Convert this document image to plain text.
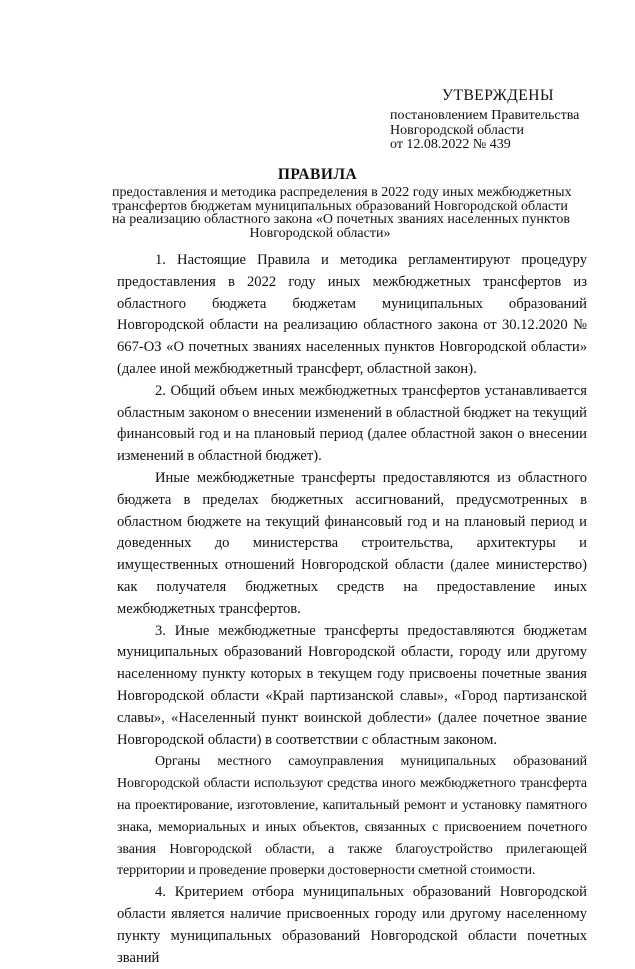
УТВЕРЖДЕНЫ
постановлением Правительства
Новгородской области
от 12.08.2022 № 439
ПРАВИЛА
предоставления и методика распределения в 2022 году иных межбюджетных
трансфертов бюджетам муниципальных образований Новгородской области
на реализацию областного закона «О почетных званиях населенных пунктов
Новгородской области»

1. Настоящие Правила и методика регламентируют процедуру предоставления в 2022 году иных межбюджетных трансфертов из областного бюджета бюджетам муниципальных образований Новгородской области на реализацию областного закона от 30.12.2020 № 667-ОЗ «О почетных званиях населенных пунктов Новгородской области» (далее иной межбюджетный трансферт, областной закон).

2. Общий объем иных межбюджетных трансфертов устанавливается областным законом о внесении изменений в областной бюджет на текущий финансовый год и на плановый период (далее областной закон о внесении изменений в областной бюджет).

Иные межбюджетные трансферты предоставляются из областного бюджета в пределах бюджетных ассигнований, предусмотренных в областном бюджете на текущий финансовый год и на плановый период и доведенных до министерства строительства, архитектуры и имущественных отношений Новгородской области (далее министерство) как получателя бюджетных средств на предоставление иных межбюджетных трансфертов.

3. Иные межбюджетные трансферты предоставляются бюджетам муниципальных образований Новгородской области, городу или другому населенному пункту которых в текущем году присвоены почетные звания Новгородской области «Край партизанской славы», «Город партизанской славы», «Населенный пункт воинской доблести» (далее почетное звание Новгородской области) в соответствии с областным законом.

Органы местного самоуправления муниципальных образований Новгородской области используют средства иного межбюджетного трансферта на проектирование, изготовление, капитальный ремонт и установку памятного знака, мемориальных и иных объектов, связанных с присвоением почетного звания Новгородской области, а также благоустройство прилегающей территории и проведение проверки достоверности сметной стоимости.

4. Критерием отбора муниципальных образований Новгородской области является наличие присвоенных городу или другому населенному пункту муниципальных образований Новгородской области почетных званий
